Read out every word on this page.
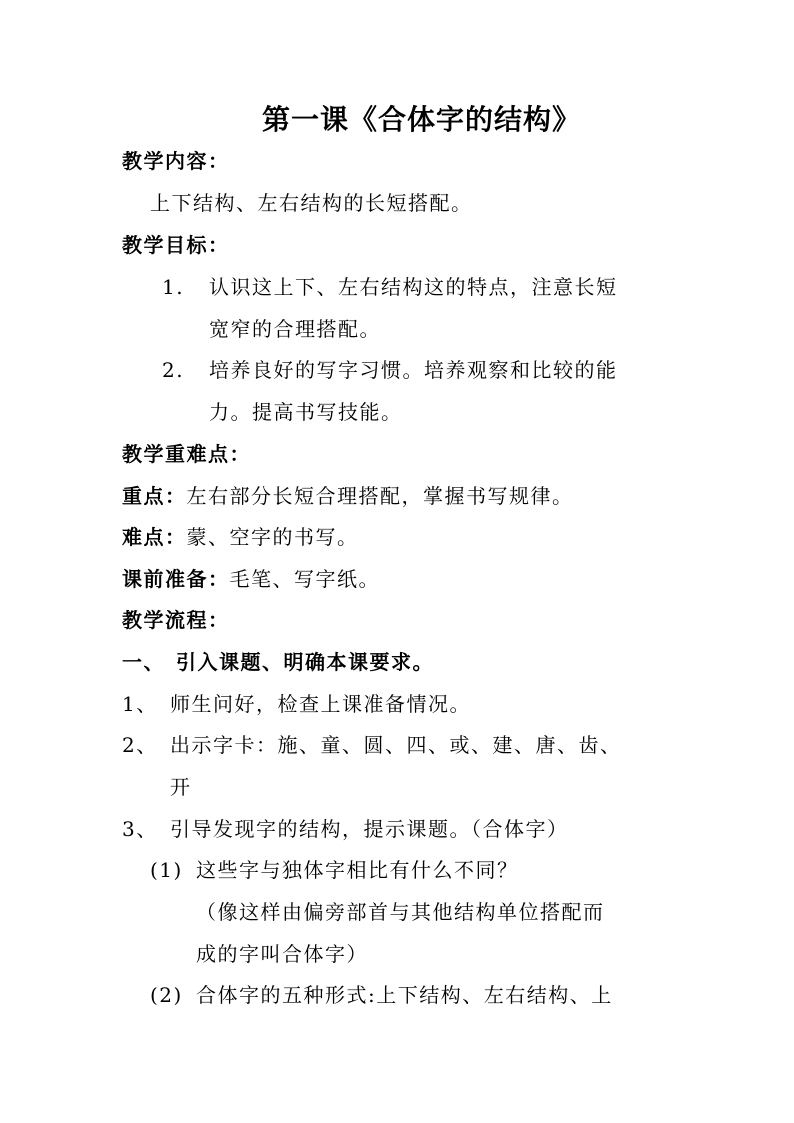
第一课《合体字的结构》
教学内容：
上下结构、左右结构的长短搭配。
教学目标：
1. 认识这上下、左右结构这的特点，注意长短
宽窄的合理搭配。
2. 培养良好的写字习惯。培养观察和比较的能
力。提高书写技能。
教学重难点：
重点：左右部分长短合理搭配，掌握书写规律。
难点：蒙、空字的书写。
课前准备：毛笔、写字纸。
教学流程：
一、 引入课题、明确本课要求。
1、 师生问好，检查上课准备情况。
2、 出示字卡：施、童、圆、四、或、建、唐、齿、
开
3、 引导发现字的结构，提示课题。（合体字）
(1) 这些字与独体字相比有什么不同？
（像这样由偏旁部首与其他结构单位搭配而
成的字叫合体字）
(2) 合体字的五种形式:上下结构、左右结构、上
